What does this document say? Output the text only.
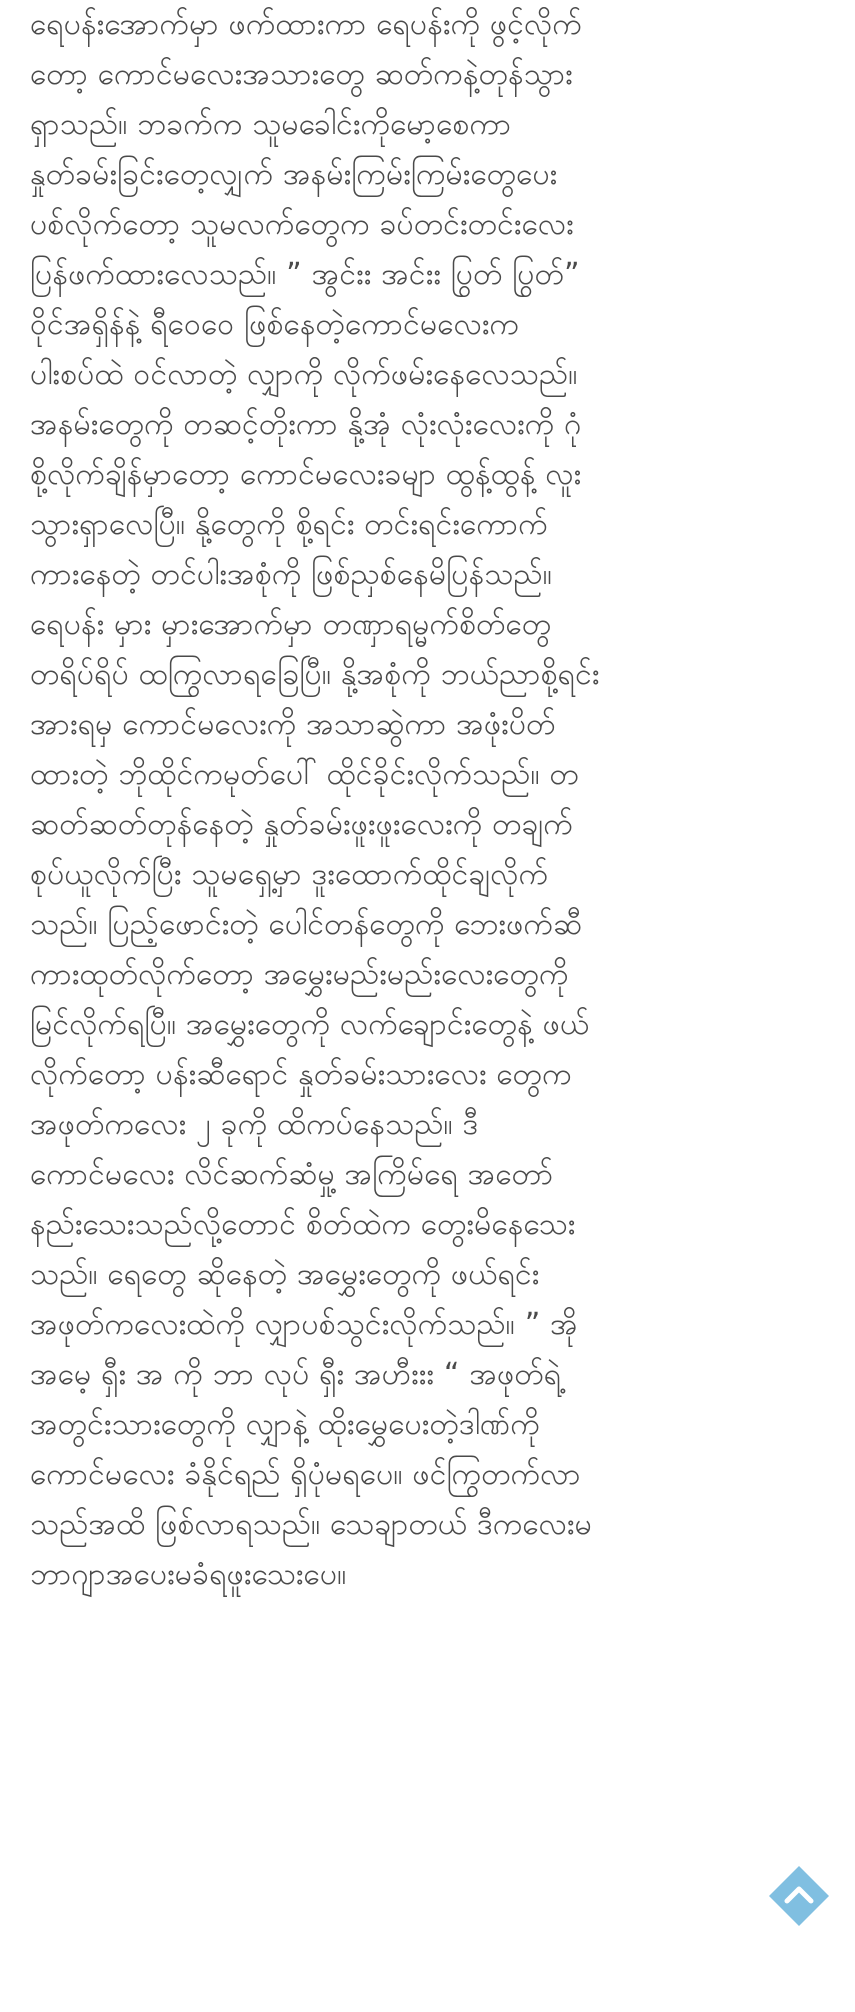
ရေပန်းအောက်မှာ ဖက်ထားကာ ရေပန်းကို ဖွင့်လိုက်
တော့ ကောင်မလေးအသားတွေ ဆတ်ကနဲ့တုန်သွား
ရှာသည်။ ဘခက်က သူမခေါင်းကိုမော့စေကာ
နှုတ်ခမ်းခြင်းတေ့လျှက် အနမ်းကြမ်းကြမ်းတွေပေး
ပစ်လိုက်တော့ သူမလက်တွေက ခပ်တင်းတင်းလေး
ပြန်ဖက်ထားလေသည်။ ” အွင်းး အင်းး ပြွတ် ပြွတ်”
ဝိုင်အရှိန်နဲ့ ရီဝေဝေ ဖြစ်နေတဲ့ကောင်မလေးက
ပါးစပ်ထဲ ဝင်လာတဲ့ လျှာကို လိုက်ဖမ်းနေလေသည်။
အနမ်းတွေကို တဆင့်တိုးကာ နို့အုံ လုံးလုံးလေးကို ဂုံ
စို့လိုက်ချိန်မှာတော့ ကောင်မလေးခမျာ ထွန့်ထွန့် လူး
သွားရှာလေပြီ။ နို့တွေကို စို့ရင်း တင်းရင်းကောက်
ကားနေတဲ့ တင်ပါးအစုံကို ဖြစ်ညှစ်နေမိပြန်သည်။
ရေပန်း မှား မှားအောက်မှာ တဏှာရမ္မက်စိတ်တွေ
တရိပ်ရိပ် ထကြွလာရခြေပြီ။ နို့အစုံကို ဘယ်ညာစို့ရင်း
အားရမှ ကောင်မလေးကို အသာဆွဲကာ အဖုံးပိတ်
ထားတဲ့ ဘိုထိုင်ကမုတ်ပေါ် ထိုင်ခိုင်းလိုက်သည်။ တ
ဆတ်ဆတ်တုန်နေတဲ့ နှုတ်ခမ်းဖူးဖူးလေးကို တချက်
စုပ်ယူလိုက်ပြီး သူမရှေ့မှာ ဒူးထောက်ထိုင်ချလိုက်
သည်။ ပြည့်ဖောင်းတဲ့ ပေါင်တန်တွေကို ဘေးဖက်ဆီ
ကားထုတ်လိုက်တော့ အမွှေးမည်းမည်းလေးတွေကို
မြင်လိုက်ရပြီ။ အမွှေးတွေကို လက်ချောင်းတွေနဲ့ ဖယ်
လိုက်တော့ ပန်းဆီရောင် နှုတ်ခမ်းသားလေး တွေက
အဖုတ်ကလေး ၂ ခုကို ထိကပ်နေသည်။ ဒီ
ကောင်မလေး လိင်ဆက်ဆံမှု့ အကြိမ်ရေ အတော်
နည်းသေးသည်လို့တောင် စိတ်ထဲက တွေးမိနေသေး
သည်။ ရေတွေ ဆိုနေတဲ့ အမွှေးတွေကို ဖယ်ရင်း
အဖုတ်ကလေးထဲကို လျှာပစ်သွင်းလိုက်သည်။ ” အို
အမေ့ ရှီး အ ကို ဘာ လုပ် ရှီး အဟီးးး “ အဖုတ်ရဲ့
အတွင်းသားတွေကို လျှာနဲ့ ထိုးမွှေပေးတဲ့ဒါဏ်ကို
ကောင်မလေး ခံနိုင်ရည် ရှိပုံမရပေ။ ဖင်ကြွတက်လာ
သည်အထိ ဖြစ်လာရသည်။ သေချာတယ် ဒီကလေးမ
ဘာဂျာအပေးမခံရဖူးသေးပေ။
